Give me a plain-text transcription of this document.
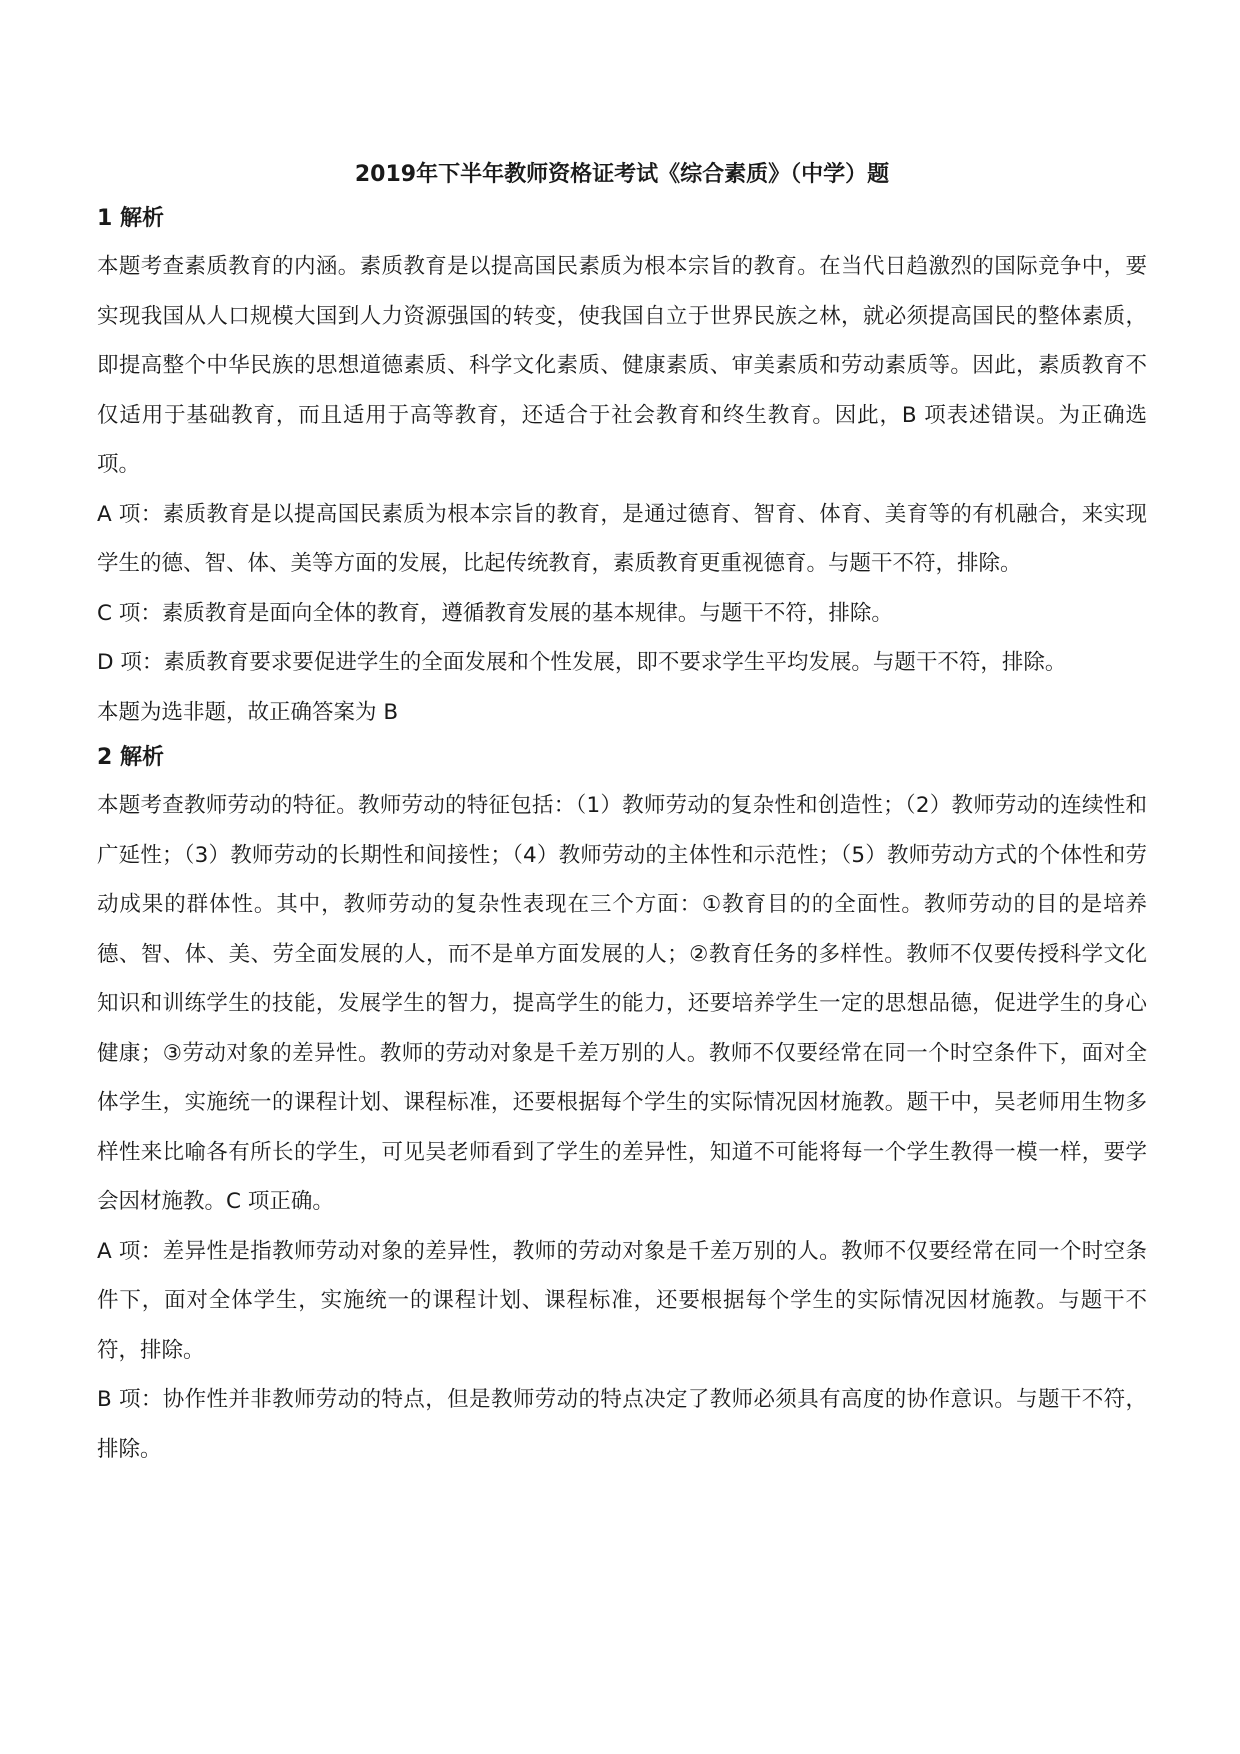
2019年下半年教师资格证考试《综合素质》（中学）题
1 解析

本题考查素质教育的内涵。素质教育是以提高国民素质为根本宗旨的教育。在当代日趋激烈的国际竞争中，要实现我国从人口规模大国到人力资源强国的转变，使我国自立于世界民族之林，就必须提高国民的整体素质，即提高整个中华民族的思想道德素质、科学文化素质、健康素质、审美素质和劳动素质等。因此，素质教育不仅适用于基础教育，而且适用于高等教育，还适合于社会教育和终生教育。因此，B 项表述错误。为正确选项。

A 项：素质教育是以提高国民素质为根本宗旨的教育，是通过德育、智育、体育、美育等的有机融合，来实现学生的德、智、体、美等方面的发展，比起传统教育，素质教育更重视德育。与题干不符，排除。

C 项：素质教育是面向全体的教育，遵循教育发展的基本规律。与题干不符，排除。

D 项：素质教育要求要促进学生的全面发展和个性发展，即不要求学生平均发展。与题干不符，排除。

本题为选非题，故正确答案为 B

2 解析

本题考查教师劳动的特征。教师劳动的特征包括：（1）教师劳动的复杂性和创造性；（2）教师劳动的连续性和广延性；（3）教师劳动的长期性和间接性；（4）教师劳动的主体性和示范性；（5）教师劳动方式的个体性和劳动成果的群体性。其中，教师劳动的复杂性表现在三个方面：①教育目的的全面性。教师劳动的目的是培养德、智、体、美、劳全面发展的人，而不是单方面发展的人；②教育任务的多样性。教师不仅要传授科学文化知识和训练学生的技能，发展学生的智力，提高学生的能力，还要培养学生一定的思想品德，促进学生的身心健康；③劳动对象的差异性。教师的劳动对象是千差万别的人。教师不仅要经常在同一个时空条件下，面对全体学生，实施统一的课程计划、课程标准，还要根据每个学生的实际情况因材施教。题干中，吴老师用生物多样性来比喻各有所长的学生，可见吴老师看到了学生的差异性，知道不可能将每一个学生教得一模一样，要学会因材施教。C 项正确。

A 项：差异性是指教师劳动对象的差异性，教师的劳动对象是千差万别的人。教师不仅要经常在同一个时空条件下，面对全体学生，实施统一的课程计划、课程标准，还要根据每个学生的实际情况因材施教。与题干不符，排除。

B 项：协作性并非教师劳动的特点，但是教师劳动的特点决定了教师必须具有高度的协作意识。与题干不符，排除。
